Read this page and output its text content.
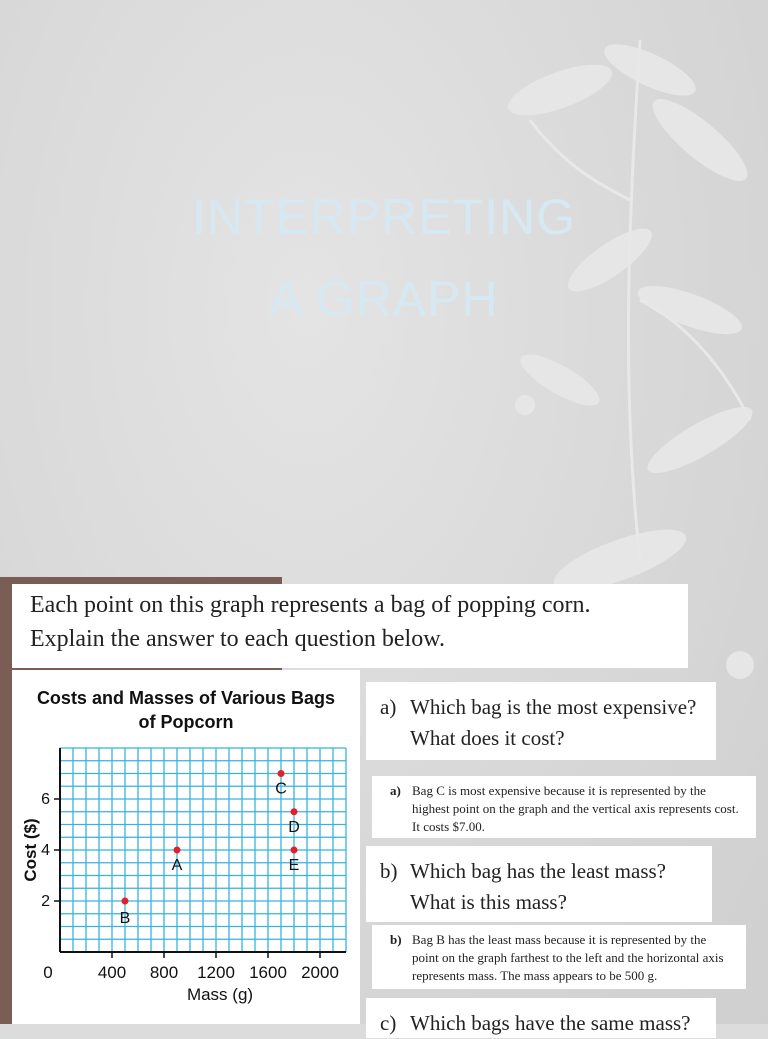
INTERPRETING
A GRAPH
Each point on this graph represents a bag of popping corn.
Explain the answer to each question below.
Costs and Masses of Various Bags
of Popcorn
0	400 800 1200 1600 2000
2
4
6
A
B
C
D
E
Mass (g)
Cost ($)
a) Which bag is the most expensive?
What does it cost?
a) Bag C is most expensive because it is represented by the highest point on the graph and the vertical axis represents cost. It costs $7.00.
b) Which bag has the least mass?
What is this mass?
b) Bag B has the least mass because it is represented by the point on the graph farthest to the left and the horizontal axis represents mass. The mass appears to be 500 g.
c) Which bags have the same mass?
